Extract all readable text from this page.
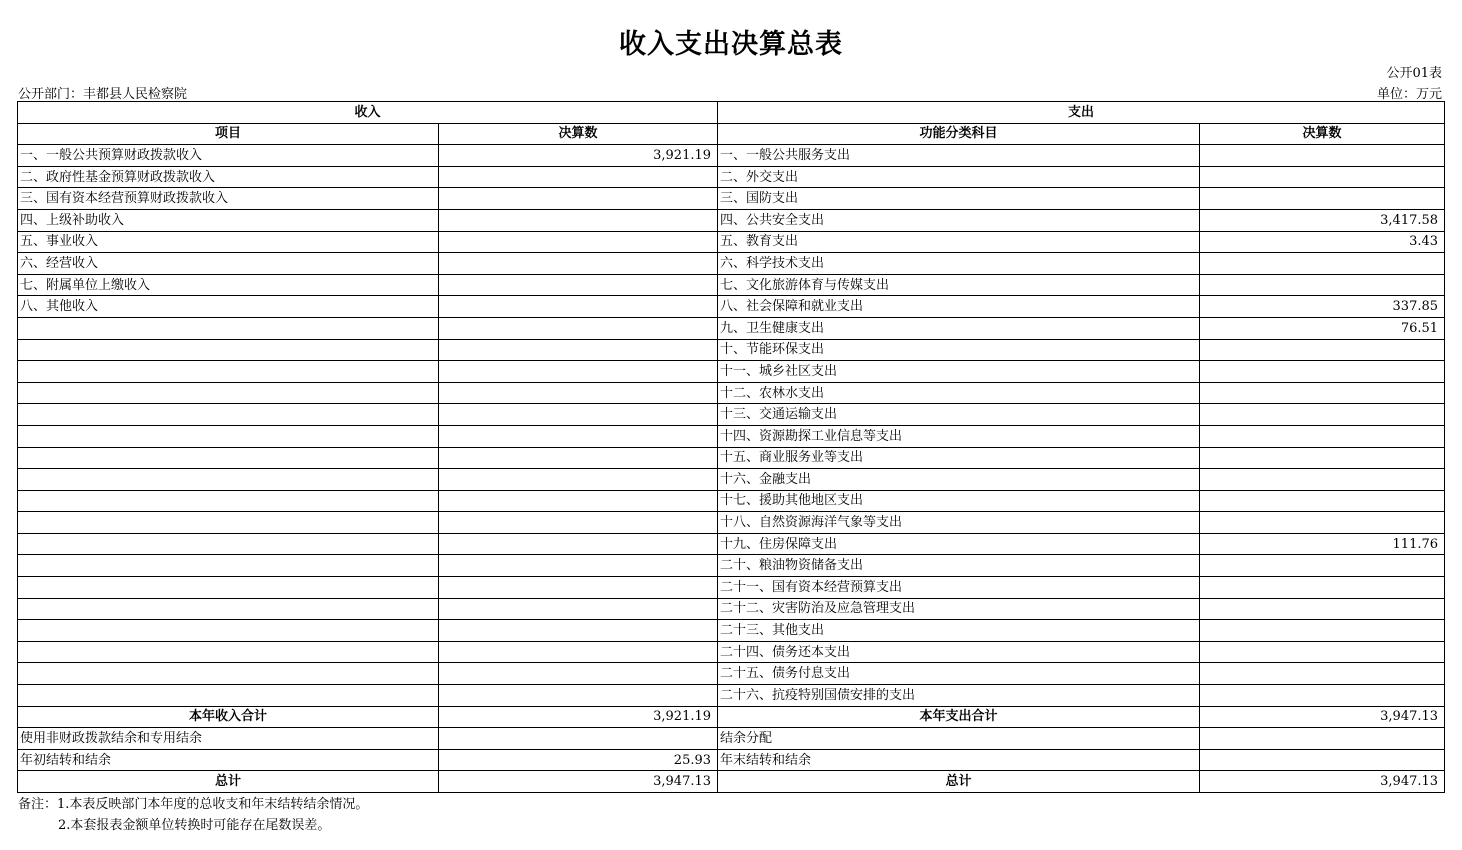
收入支出决算总表
公开01表
公开部门：丰都县人民检察院	单位：万元
收入		支出	
项目	决算数	功能分类科目	决算数
一、一般公共预算财政拨款收入	3,921.19	一、一般公共服务支出	
二、政府性基金预算财政拨款收入		二、外交支出	
三、国有资本经营预算财政拨款收入		三、国防支出	
四、上级补助收入		四、公共安全支出	3,417.58
五、事业收入		五、教育支出	3.43
六、经营收入		六、科学技术支出	
七、附属单位上缴收入		七、文化旅游体育与传媒支出	
八、其他收入		八、社会保障和就业支出	337.85
		九、卫生健康支出	76.51
		十、节能环保支出	
		十一、城乡社区支出	
		十二、农林水支出	
		十三、交通运输支出	
		十四、资源勘探工业信息等支出	
		十五、商业服务业等支出	
		十六、金融支出	
		十七、援助其他地区支出	
		十八、自然资源海洋气象等支出	
		十九、住房保障支出	111.76
		二十、粮油物资储备支出	
		二十一、国有资本经营预算支出	
		二十二、灾害防治及应急管理支出	
		二十三、其他支出	
		二十四、债务还本支出	
		二十五、债务付息支出	
		二十六、抗疫特别国债安排的支出	
本年收入合计	3,921.19	本年支出合计	3,947.13
使用非财政拨款结余和专用结余		结余分配	
年初结转和结余	25.93	年末结转和结余	
总计	3,947.13	总计	3,947.13
备注：1.本表反映部门本年度的总收支和年末结转结余情况。
2.本套报表金额单位转换时可能存在尾数误差。
